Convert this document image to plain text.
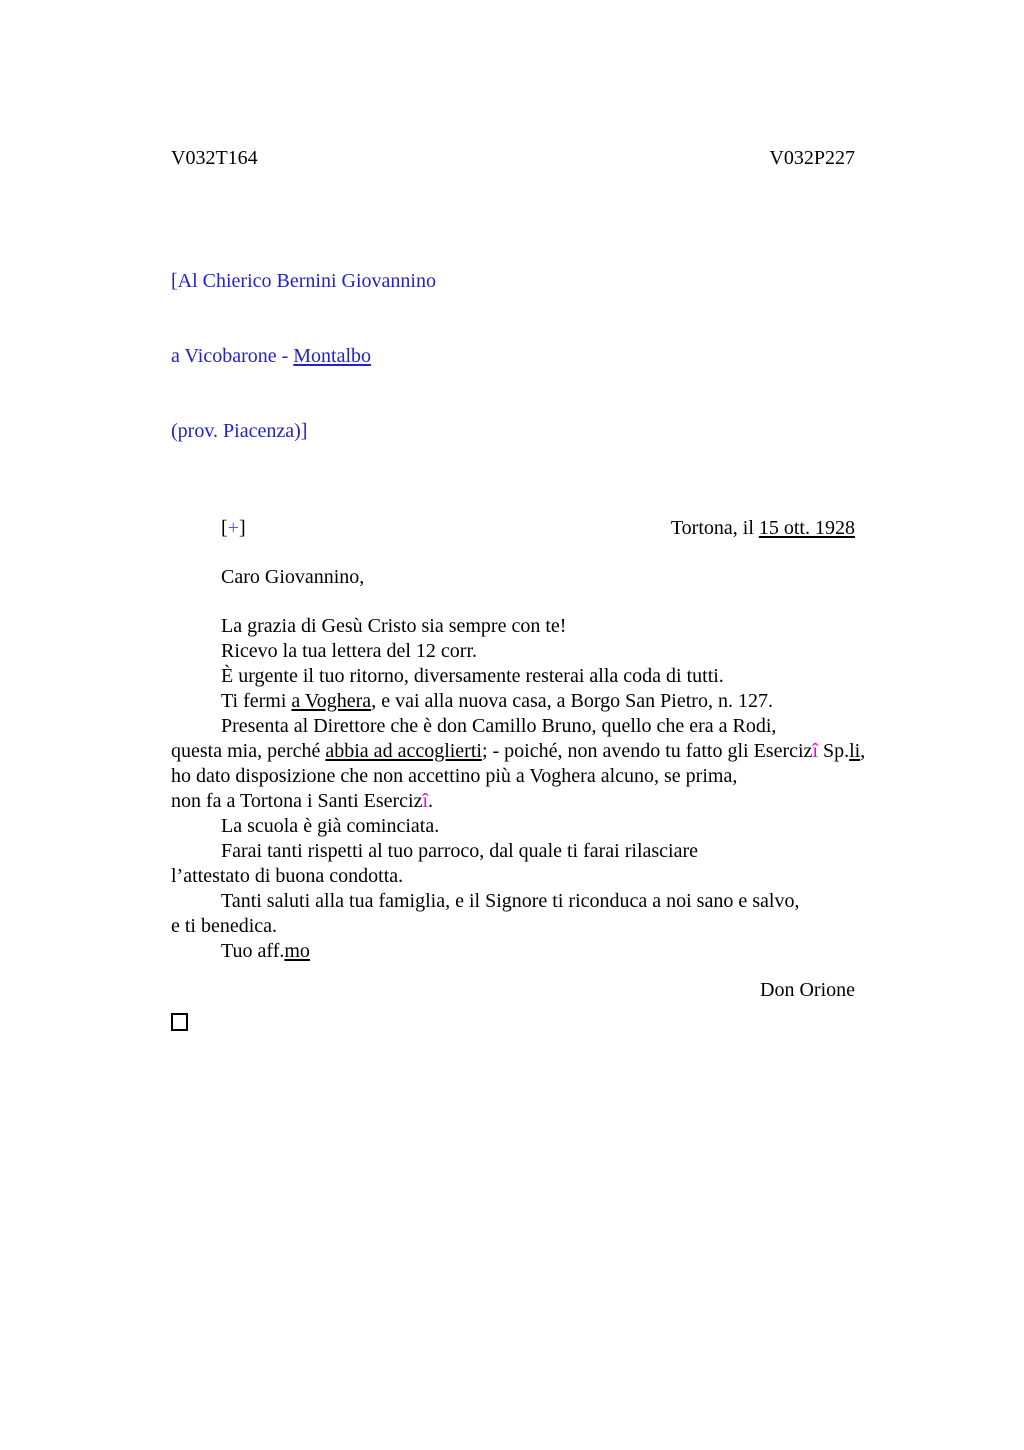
V032T164	V032P227

[Al Chierico Bernini Giovannino

a Vicobarone - Montalbo

(prov. Piacenza)]

[+]	Tortona, il 15 ott. 1928
Caro Giovannino,
La grazia di Gesù Cristo sia sempre con te!
Ricevo la tua lettera del 12 corr.
È urgente il tuo ritorno, diversamente resterai alla coda di tutti.
Ti fermi a Voghera, e vai alla nuova casa, a Borgo San Pietro, n. 127.
Presenta al Direttore che è don Camillo Bruno, quello che era a Rodi,
questa mia, perché abbia ad accoglierti; - poiché, non avendo tu fatto gli Esercizî Sp.li,
ho dato disposizione che non accettino più a Voghera alcuno, se prima,
non fa a Tortona i Santi Esercizî.
La scuola è già cominciata.
Farai tanti rispetti al tuo parroco, dal quale ti farai rilasciare
l’attestato di buona condotta.
Tanti saluti alla tua famiglia, e il Signore ti riconduca a noi sano e salvo,
e ti benedica.
Tuo aff.mo
Don Orione
